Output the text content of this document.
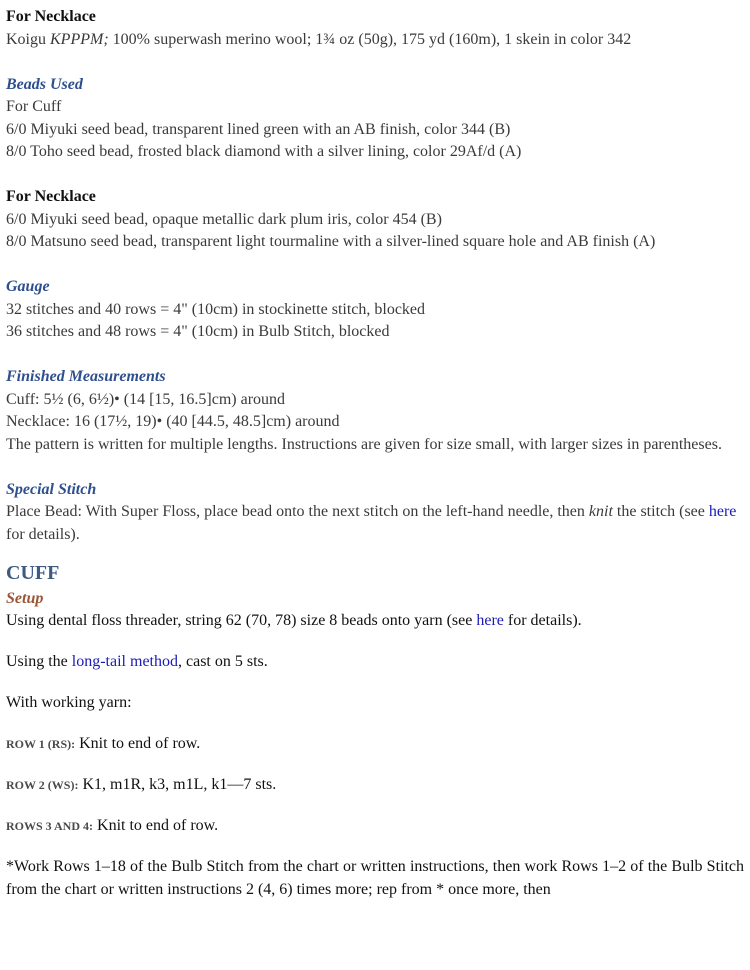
For Necklace

Koigu KPPPM; 100% superwash merino wool; 1¾ oz (50g), 175 yd (160m), 1 skein in color 342

Beads Used

For Cuff

6/0 Miyuki seed bead, transparent lined green with an AB finish, color 344 (B)

8/0 Toho seed bead, frosted black diamond with a silver lining, color 29Af/d (A)

For Necklace

6/0 Miyuki seed bead, opaque metallic dark plum iris, color 454 (B)

8/0 Matsuno seed bead, transparent light tourmaline with a silver-lined square hole and AB finish (A)

Gauge

32 stitches and 40 rows = 4" (10cm) in stockinette stitch, blocked

36 stitches and 48 rows = 4" (10cm) in Bulb Stitch, blocked

Finished Measurements

Cuff: 5½ (6, 6½)• (14 [15, 16.5]cm) around

Necklace: 16 (17½, 19)• (40 [44.5, 48.5]cm) around

The pattern is written for multiple lengths. Instructions are given for size small, with larger sizes in parentheses.

Special Stitch

Place Bead: With Super Floss, place bead onto the next stitch on the left-hand needle, then knit the stitch (see here for details).

CUFF

Setup

Using dental floss threader, string 62 (70, 78) size 8 beads onto yarn (see here for details).

Using the long-tail method, cast on 5 sts.

With working yarn:

ROW 1 (RS): Knit to end of row.

ROW 2 (WS): K1, m1R, k3, m1L, k1—7 sts.

ROWS 3 AND 4: Knit to end of row.

*Work Rows 1–18 of the Bulb Stitch from the chart or written instructions, then work Rows 1–2 of the Bulb Stitch from the chart or written instructions 2 (4, 6) times more; rep from * once more, then
